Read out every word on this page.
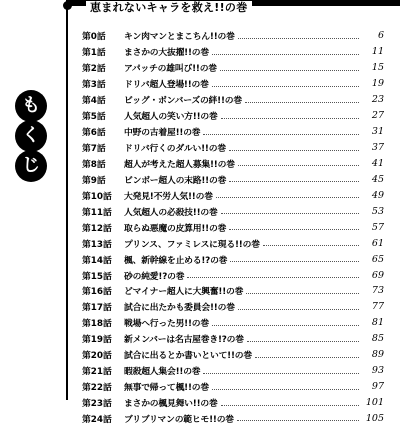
恵まれないキャラを救え!!の巻
も
く
じ
第0話	キン肉マンとまこちん!!の巻	6
第1話	まさかの大抜擢!!の巻	11
第2話	アパッチの雄叫び!!の巻	15
第3話	ドリバ超人登場!!の巻	19
第4話	ビッグ・ボンバーズの絆!!の巻	23
第5話	人気超人の笑い方!!の巻	27
第6話	中野の古着屋!!の巻	31
第7話	ドリバ行くのダルい!!の巻	37
第8話	超人が考えた超人募集!!の巻	41
第9話	ビンボー超人の末路!!の巻	45
第10話	大発見!不労人気!!の巻	49
第11話	人気超人の必殺技!!の巻	53
第12話	取らぬ悪魔の皮算用!!の巻	57
第13話	プリンス、ファミレスに現る!!の巻	61
第14話	楓、新幹線を止める!?の巻	65
第15話	砂の純愛!?の巻	69
第16話	どマイナー超人に大興奮!!の巻	73
第17話	試合に出たかも委員会!!の巻	77
第18話	戦場へ行った男!!の巻	81
第19話	新メンバーは名古屋巻き!?の巻	85
第20話	試合に出るとか書いといて!!の巻	89
第21話	暇殺超人集会!!の巻	93
第22話	無事で帰って楓!!の巻	97
第23話	まさかの楓見舞い!!の巻	101
第24話	ブリブリマンの範ヒモ!!の巻	105
